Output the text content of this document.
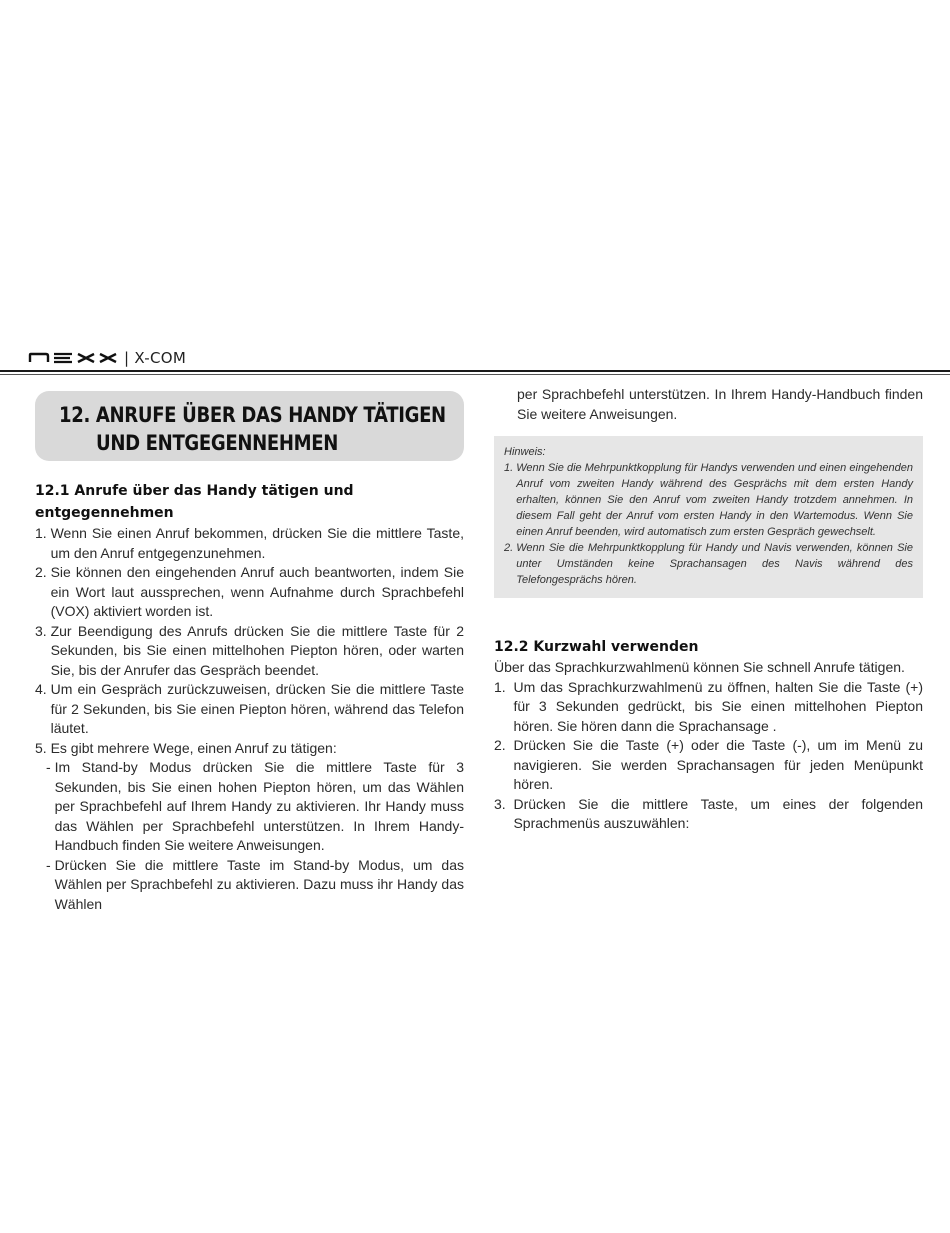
| X-COM
12. ANRUFE ÜBER DAS HANDY TÄTIGEN
UND ENTGEGENNEHMEN
12.1 Anrufe über das Handy tätigen und entgegennehmen
1.
Wenn Sie einen Anruf bekommen, drücken Sie die mittlere Taste, um den Anruf entgegenzunehmen.
2.
Sie können den eingehenden Anruf auch beantworten, indem Sie ein Wort laut aussprechen, wenn Aufnahme durch Sprachbefehl (VOX) aktiviert worden ist.
3.
Zur Beendigung des Anrufs drücken Sie die mittlere Taste für 2 Sekunden, bis Sie einen mittelhohen Piepton hören, oder warten Sie, bis der Anrufer das Gespräch beendet.
4.
Um ein Gespräch zurückzuweisen, drücken Sie die mittlere Taste für 2 Sekunden, bis Sie einen Piepton hören, während das Telefon läutet.
5.
Es gibt mehrere Wege, einen Anruf zu tätigen:
-
Im Stand-by Modus drücken Sie die mittlere Taste für 3 Sekunden, bis Sie einen hohen Piepton hören, um das Wählen per Sprachbefehl auf Ihrem Handy zu aktivieren. Ihr Handy muss das Wählen per Sprachbefehl unterstützen. In Ihrem Handy-Handbuch finden Sie weitere Anweisungen.
-
Drücken Sie die mittlere Taste im Stand-by Modus, um das Wählen per Sprachbefehl zu aktivieren. Dazu muss ihr Handy das Wählen
per Sprachbefehl unterstützen. In Ihrem Handy-Handbuch finden Sie weitere Anweisungen.
Hinweis:
1.
Wenn Sie die Mehrpunktkopplung für Handys verwenden und einen eingehenden Anruf vom zweiten Handy während des Gesprächs mit dem ersten Handy erhalten, können Sie den Anruf vom zweiten Handy trotzdem annehmen. In diesem Fall geht der Anruf vom ersten Handy in den Wartemodus. Wenn Sie einen Anruf beenden, wird automatisch zum ersten Gespräch gewechselt.
2.
Wenn Sie die Mehrpunktkopplung für Handy und Navis verwenden, können Sie unter Umständen keine Sprachansagen des Navis während des Telefongesprächs hören.
12.2 Kurzwahl verwenden
Über das Sprachkurzwahlmenü können Sie schnell Anrufe tätigen.
1.
Um das Sprachkurzwahlmenü zu öffnen, halten Sie die Taste (+) für 3 Sekunden gedrückt, bis Sie einen mittelhohen Piepton hören. Sie hören dann die Sprachansage .
2.
Drücken Sie die Taste (+) oder die Taste (-), um im Menü zu navigieren. Sie werden Sprachansagen für jeden Menüpunkt hören.
3.
Drücken Sie die mittlere Taste, um eines der folgenden Sprachmenüs auszuwählen:
